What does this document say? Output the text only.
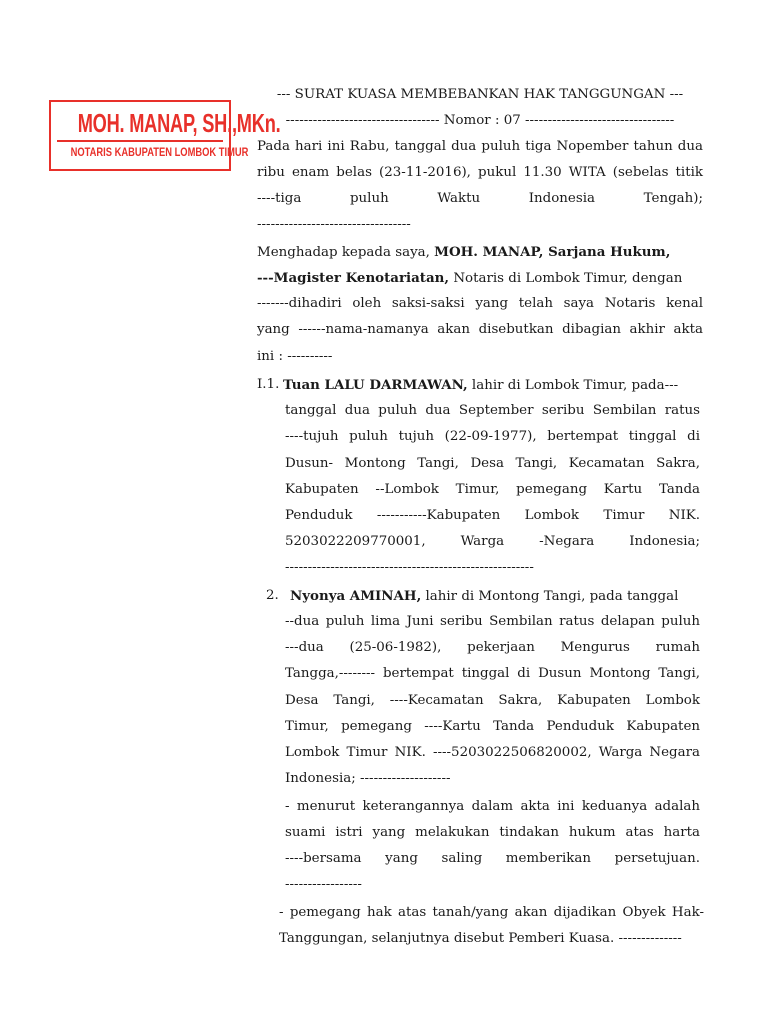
MOH. MANAP, SH.,MKn.
NOTARIS KABUPATEN LOMBOK TIMUR
--- SURAT KUASA MEMBEBANKAN HAK TANGGUNGAN ---
---------------------------------- Nomor : 07 ---------------------------------
Pada hari ini Rabu, tanggal dua puluh tiga Nopember tahun dua
ribu enam belas (23-11-2016), pukul 11.30 WITA (sebelas titik
----tiga puluh Waktu Indonesia Tengah);
----------------------------------
Menghadap kepada saya, MOH. MANAP, Sarjana Hukum,
---Magister Kenotariatan, Notaris di Lombok Timur, dengan
-------dihadiri oleh saksi-saksi yang telah saya Notaris kenal
yang ------nama-namanya akan disebutkan dibagian akhir akta
ini : ----------
I.1. Tuan LALU DARMAWAN, lahir di Lombok Timur, pada---
tanggal dua puluh dua September seribu Sembilan ratus
----tujuh puluh tujuh (22-09-1977), bertempat tinggal di
Dusun- Montong Tangi, Desa Tangi, Kecamatan Sakra,
Kabupaten --Lombok Timur, pemegang Kartu Tanda
Penduduk -----------Kabupaten Lombok Timur NIK.
5203022209770001, Warga -Negara Indonesia;
-------------------------------------------------------
2. Nyonya AMINAH, lahir di Montong Tangi, pada tanggal
--dua puluh lima Juni seribu Sembilan ratus delapan puluh
---dua (25-06-1982), pekerjaan Mengurus rumah
Tangga,-------- bertempat tinggal di Dusun Montong Tangi,
Desa Tangi, ----Kecamatan Sakra, Kabupaten Lombok
Timur, pemegang ----Kartu Tanda Penduduk Kabupaten
Lombok Timur NIK. ----5203022506820002, Warga Negara
Indonesia; --------------------
- menurut keterangannya dalam akta ini keduanya adalah
suami istri yang melakukan tindakan hukum atas harta
----bersama yang saling memberikan persetujuan.
-----------------
- pemegang hak atas tanah/yang akan dijadikan Obyek Hak-
Tanggungan, selanjutnya disebut Pemberi Kuasa. --------------
